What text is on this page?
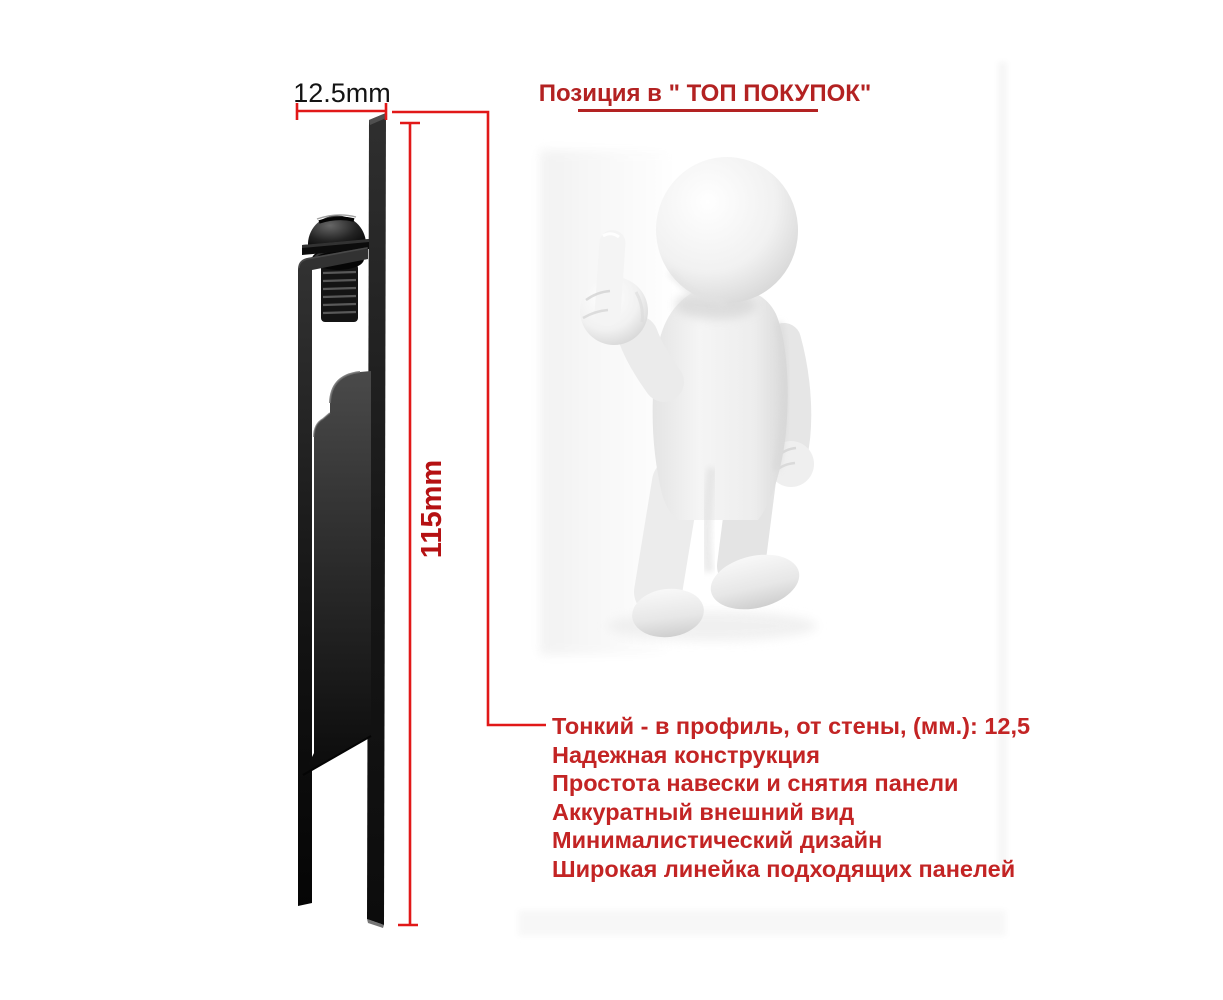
12.5mm
115mm
Позиция в " ТОП ПОКУПОК"
Тонкий - в профиль, от стены, (мм.): 12,5
Надежная конструкция
Простота навески и снятия панели
Аккуратный внешний вид
Минималистический дизайн
Широкая линейка подходящих панелей
